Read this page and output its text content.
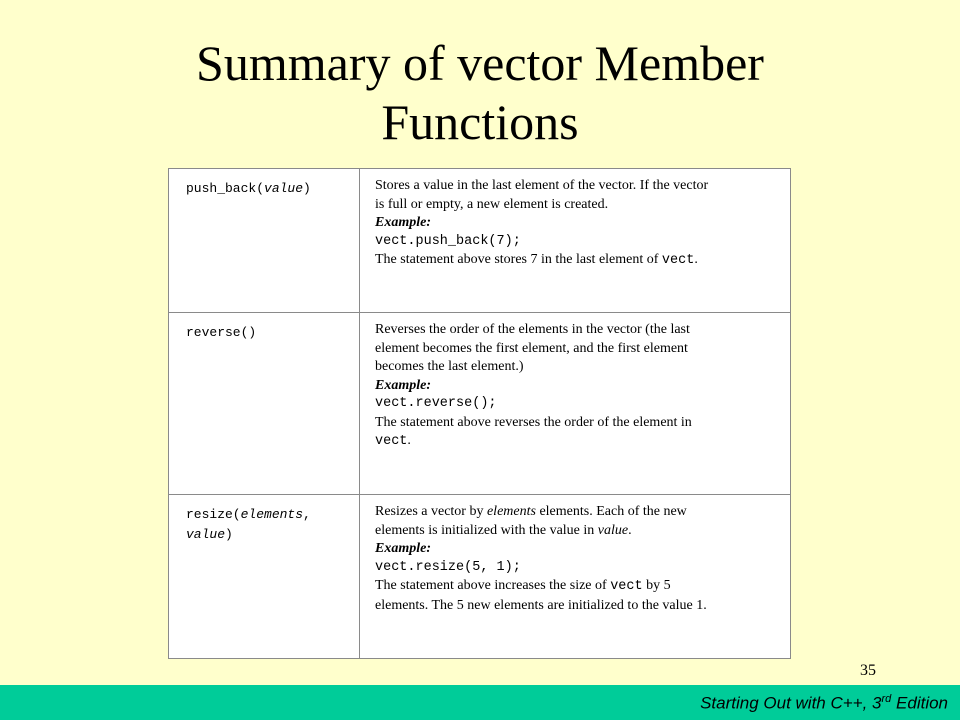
Summary of vector Member
Functions
push_back(value)	Stores a value in the last element of the vector. If the vector
is full or empty, a new element is created.
Example:
vect.push_back(7);
The statement above stores 7 in the last element of vect.
reverse()	Reverses the order of the elements in the vector (the last
element becomes the first element, and the first element
becomes the last element.)
Example:
vect.reverse();
The statement above reverses the order of the element in
vect.
resize(elements,
value)
Resizes a vector by elements elements. Each of the new
elements is initialized with the value in value.
Example:
vect.resize(5, 1);
The statement above increases the size of vect by 5
elements. The 5 new elements are initialized to the value 1.
35
Starting Out with C++, 3rd Edition
